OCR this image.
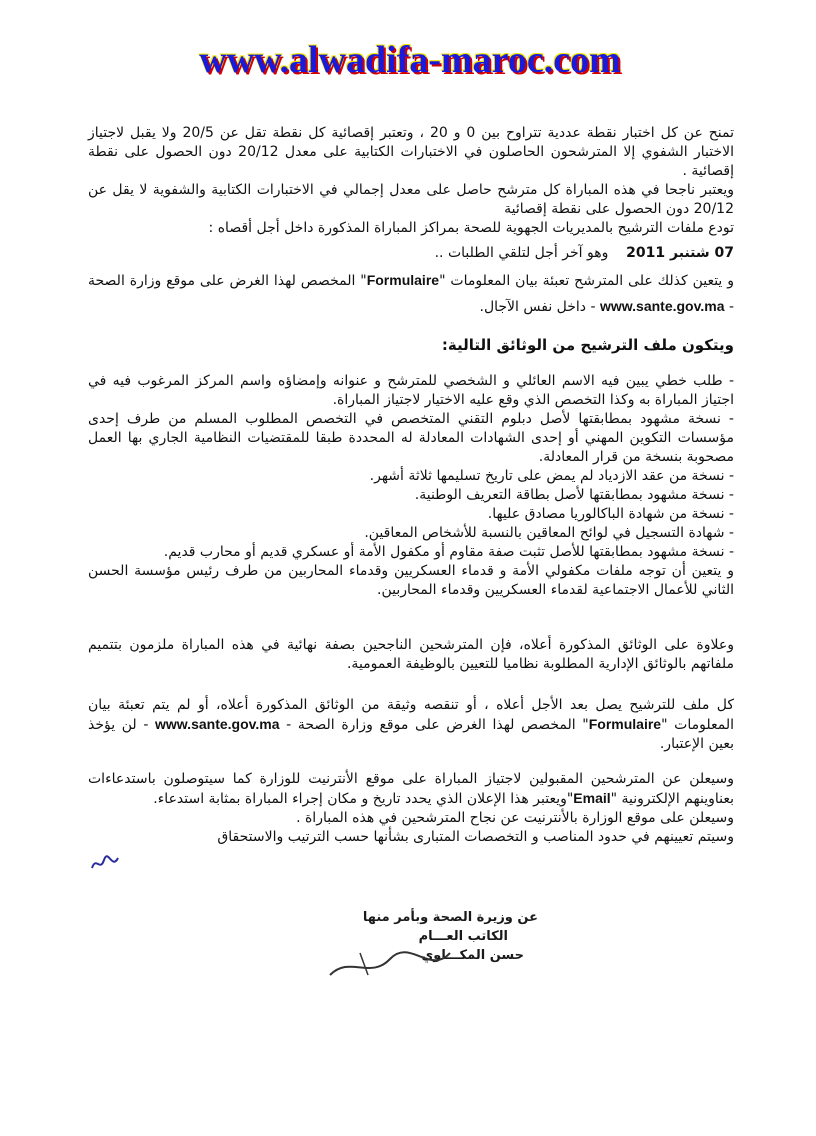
www.alwadifa-maroc.com

تمنح عن كل اختبار نقطة عددية تتراوح بين 0 و 20 ، وتعتبر إقصائية كل نقطة تقل عن 20/5 ولا يقبل لاجتياز الاختبار الشفوي إلا المترشحون الحاصلون في الاختبارات الكتابية على معدل 20/12 دون الحصول على نقطة إقصائية .

ويعتبر ناجحا في هذه المباراة كل مترشح حاصل على معدل إجمالي في الاختبارات الكتابية والشفوية لا يقل عن 20/12 دون الحصول على نقطة إقصائية

تودع ملفات الترشيح بالمديريات الجهوية للصحة بمراكز المباراة المذكورة داخل أجل أقصاه :

07 شتنبر 2011    وهو آخر أجل لتلقي الطلبات ..

و يتعين كذلك على المترشح تعبئة بيان المعلومات "Formulaire" المخصص لهذا الغرض على موقع وزارة الصحة - www.sante.gov.ma - داخل نفس الآجال.

ويتكون ملف الترشيح من الوثائق التالية:

- طلب خطي يبين فيه الاسم العائلي و الشخصي للمترشح و عنوانه وإمضاؤه واسم المركز المرغوب فيه في اجتياز المباراة به وكذا التخصص الذي وقع عليه الاختيار لاجتياز المباراة.

- نسخة مشهود بمطابقتها لأصل دبلوم التقني المتخصص في التخصص المطلوب المسلم من طرف إحدى مؤسسات التكوين المهني أو إحدى الشهادات المعادلة له المحددة طبقا للمقتضيات النظامية الجاري بها العمل مصحوبة بنسخة من قرار المعادلة.

- نسخة من عقد الازدياد لم يمض على تاريخ تسليمها ثلاثة أشهر.

- نسخة مشهود بمطابقتها لأصل بطاقة التعريف الوطنية.

- نسخة من شهادة الباكالوريا مصادق عليها.

- شهادة التسجيل في لوائح المعاقين بالنسبة للأشخاص المعاقين.

- نسخة مشهود بمطابقتها للأصل تثبت صفة مقاوم أو مكفول الأمة أو عسكري قديم أو محارب قديم.

و يتعين أن توجه ملفات مكفولي الأمة و قدماء العسكريين وقدماء المحاربين من طرف رئيس مؤسسة الحسن الثاني للأعمال الاجتماعية لقدماء العسكريين وقدماء المحاربين.

وعلاوة على الوثائق المذكورة أعلاه، فإن المترشحين الناجحين بصفة نهائية في هذه المباراة ملزمون بتتميم ملفاتهم بالوثائق الإدارية المطلوبة نظاميا للتعيين بالوظيفة العمومية.

كل ملف للترشيح يصل بعد الأجل أعلاه ، أو تنقصه وثيقة من الوثائق المذكورة أعلاه، أو لم يتم تعبئة بيان المعلومات "Formulaire" المخصص لهذا الغرض على موقع وزارة الصحة - www.sante.gov.ma - لن يؤخذ بعين الإعتبار.

وسيعلن عن المترشحين المقبولين لاجتياز المباراة على موقع الأنترنيت للوزارة كما سيتوصلون باستدعاءات بعناوينهم الإلكترونية "Email"ويعتبر هذا الإعلان الذي يحدد تاريخ و مكان إجراء المباراة بمثابة استدعاء.

وسيعلن على موقع الوزارة بالأنترنيت عن نجاح المترشحين في هذه المباراة .

وسيتم تعيينهم في حدود المناصب و التخصصات المتبارى بشأنها حسب الترتيب والاستحقاق

عن وزيرة الصحة وبأمر منها
الكاتب العـــام
حسن المكـــاوي
